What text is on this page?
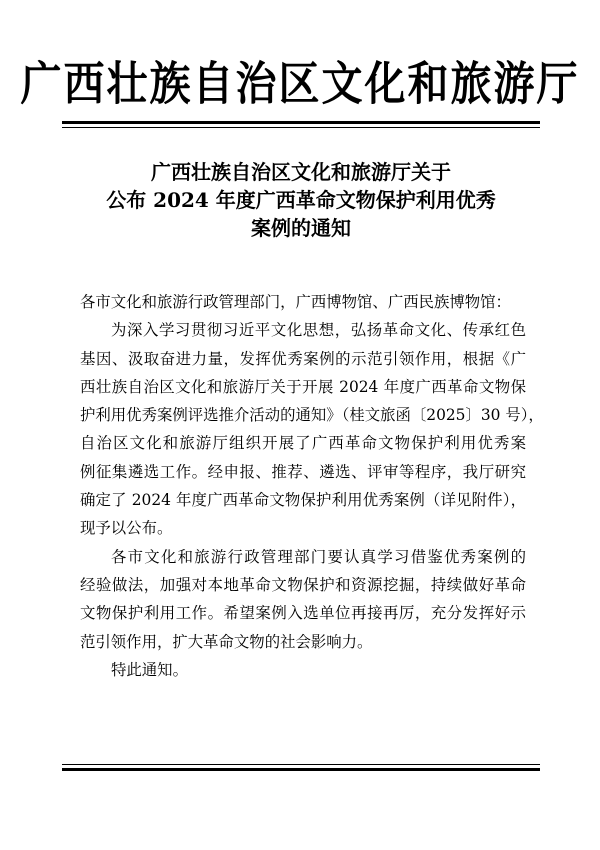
广西壮族自治区文化和旅游厅
广西壮族自治区文化和旅游厅关于
公布 2024 年度广西革命文物保护利用优秀
案例的通知

各市文化和旅游行政管理部门，广西博物馆、广西民族博物馆：

为深入学习贯彻习近平文化思想，弘扬革命文化、传承红色
基因、汲取奋进力量，发挥优秀案例的示范引领作用，根据《广
西壮族自治区文化和旅游厅关于开展 2024 年度广西革命文物保
护利用优秀案例评选推介活动的通知》（桂文旅函〔2025〕30 号），
自治区文化和旅游厅组织开展了广西革命文物保护利用优秀案
例征集遴选工作。经申报、推荐、遴选、评审等程序，我厅研究
确定了 2024 年度广西革命文物保护利用优秀案例（详见附件），
现予以公布。

各市文化和旅游行政管理部门要认真学习借鉴优秀案例的
经验做法，加强对本地革命文物保护和资源挖掘，持续做好革命
文物保护利用工作。希望案例入选单位再接再厉，充分发挥好示
范引领作用，扩大革命文物的社会影响力。

特此通知。
